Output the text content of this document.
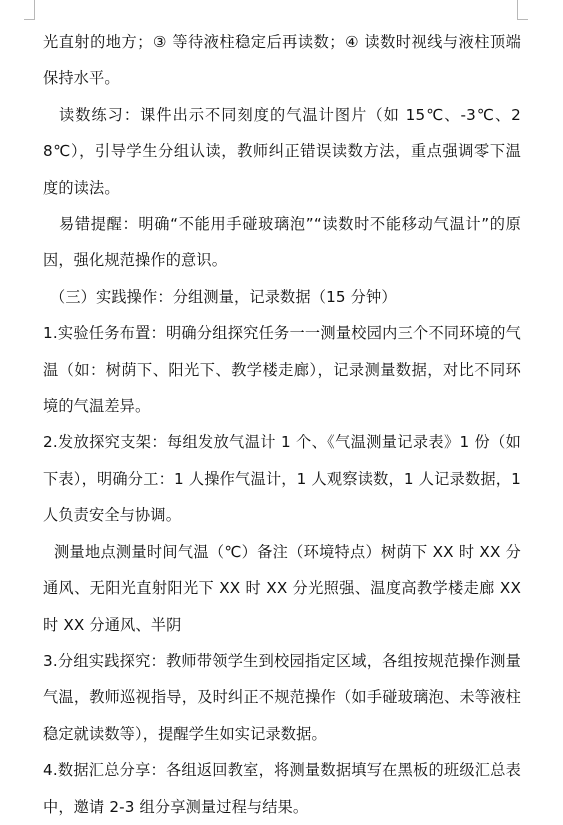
光直射的地方；③ 等待液柱稳定后再读数；④ 读数时视线与液柱顶端保持水平。

读数练习：课件出示不同刻度的气温计图片（如 15℃、-3℃、28℃），引导学生分组认读，教师纠正错误读数方法，重点强调零下温度的读法。

易错提醒：明确“不能用手碰玻璃泡”“读数时不能移动气温计”的原因，强化规范操作的意识。

（三）实践操作：分组测量，记录数据（15 分钟）

1.实验任务布置：明确分组探究任务一一测量校园内三个不同环境的气温（如：树荫下、阳光下、教学楼走廊），记录测量数据，对比不同环境的气温差异。

2.发放探究支架：每组发放气温计 1 个、《气温测量记录表》1 份（如下表），明确分工：1 人操作气温计，1 人观察读数，1 人记录数据，1 人负责安全与协调。

测量地点测量时间气温（℃）备注（环境特点）树荫下 XX 时 XX 分通风、无阳光直射阳光下 XX 时 XX 分光照强、温度高教学楼走廊 XX 时 XX 分通风、半阴

3.分组实践探究：教师带领学生到校园指定区域，各组按规范操作测量气温，教师巡视指导，及时纠正不规范操作（如手碰玻璃泡、未等液柱稳定就读数等），提醒学生如实记录数据。

4.数据汇总分享：各组返回教室，将测量数据填写在黑板的班级汇总表中，邀请 2-3 组分享测量过程与结果。
